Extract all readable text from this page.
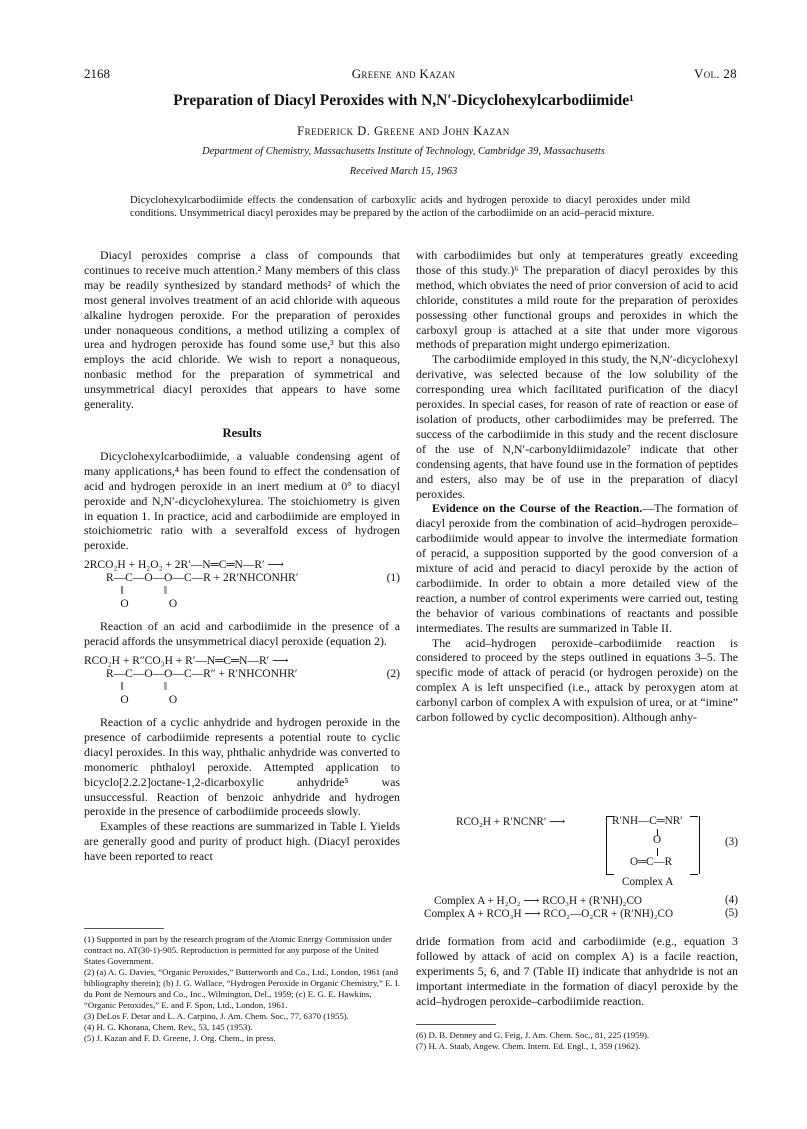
2168	Greene and Kazan	Vol. 28
Preparation of Diacyl Peroxides with N,N′-Dicyclohexylcarbodiimide¹
Frederick D. Greene and John Kazan
Department of Chemistry, Massachusetts Institute of Technology, Cambridge 39, Massachusetts
Received March 15, 1963
Dicyclohexylcarbodiimide effects the condensation of carboxylic acids and hydrogen peroxide to diacyl peroxides under mild conditions. Unsymmetrical diacyl peroxides may be prepared by the action of the carbodiimide on an acid–peracid mixture.

Diacyl peroxides comprise a class of compounds that continues to receive much attention.² Many members of this class may be readily synthesized by standard methods² of which the most general involves treatment of an acid chloride with aqueous alkaline hydrogen peroxide. For the preparation of peroxides under nonaqueous conditions, a method utilizing a complex of urea and hydrogen peroxide has found some use,³ but this also employs the acid chloride. We wish to report a nonaqueous, nonbasic method for the preparation of symmetrical and unsymmetrical diacyl peroxides that appears to have some generality.

Results

Dicyclohexylcarbodiimide, a valuable condensing agent of many applications,⁴ has been found to effect the condensation of acid and hydrogen peroxide in an inert medium at 0° to diacyl peroxide and N,N′-dicyclohexylurea. The stoichiometry is given in equation 1. In practice, acid and carbodiimide are employed in stoichiometric ratio with a severalfold excess of hydrogen peroxide.

2RCO₂H + H₂O₂ + 2R′—N═C═N—R′ ⟶
R—C—O—O—C—R + 2R′NHCONHR′
‖              ‖
O              O
(1)

Reaction of an acid and carbodiimide in the presence of a peracid affords the unsymmetrical diacyl peroxide (equation 2).

RCO₂H + R″CO₃H + R′—N═C═N—R′ ⟶
R—C—O—O—C—R″ + R′NHCONHR′
‖              ‖
O              O
(2)

Reaction of a cyclic anhydride and hydrogen peroxide in the presence of carbodiimide represents a potential route to cyclic diacyl peroxides. In this way, phthalic anhydride was converted to monomeric phthaloyl peroxide. Attempted application to bicyclo[2.2.2]octane-1,2-dicarboxylic anhydride⁵ was unsuccessful. Reaction of benzoic anhydride and hydrogen peroxide in the presence of carbodiimide proceeds slowly.

Examples of these reactions are summarized in Table I. Yields are generally good and purity of product high. (Diacyl peroxides have been reported to react

with carbodiimides but only at temperatures greatly exceeding those of this study.)⁶ The preparation of diacyl peroxides by this method, which obviates the need of prior conversion of acid to acid chloride, constitutes a mild route for the preparation of peroxides possessing other functional groups and peroxides in which the carboxyl group is attached at a site that under more vigorous methods of preparation might undergo epimerization.

The carbodiimide employed in this study, the N,N′-dicyclohexyl derivative, was selected because of the low solubility of the corresponding urea which facilitated purification of the diacyl peroxides. In special cases, for reason of rate of reaction or ease of isolation of products, other carbodiimides may be preferred. The success of the carbodiimide in this study and the recent disclosure of the use of N,N′-carbonyldiimidazole⁷ indicate that other condensing agents, that have found use in the formation of peptides and esters, also may be of use in the preparation of diacyl peroxides.

Evidence on the Course of the Reaction.—The formation of diacyl peroxide from the combination of acid–hydrogen peroxide–carbodiimide would appear to involve the intermediate formation of peracid, a supposition supported by the good conversion of a mixture of acid and peracid to diacyl peroxide by the action of carbodiimide. In order to obtain a more detailed view of the reaction, a number of control experiments were carried out, testing the behavior of various combinations of reactants and possible intermediates. The results are summarized in Table II.

The acid–hydrogen peroxide–carbodiimide reaction is considered to proceed by the steps outlined in equations 3–5. The specific mode of attack of peracid (or hydrogen peroxide) on the complex A is left unspecified (i.e., attack by peroxygen atom at carbonyl carbon of complex A with expulsion of urea, or at “imine” carbon followed by cyclic decomposition). Although anhy-

RCO₂H + R′NCNR′ ⟶	R′NH—C═NR′
O
O═C—R
Complex A
(3)
Complex A + H₂O₂ ⟶ RCO₃H + (R′NH)₂CO	(4)
Complex A + RCO₃H ⟶ RCO₂—O₂CR + (R′NH)₂CO	(5)

dride formation from acid and carbodiimide (e.g., equation 3 followed by attack of acid on complex A) is a facile reaction, experiments 5, 6, and 7 (Table II) indicate that anhydride is not an important intermediate in the formation of diacyl peroxide by the acid–hydrogen peroxide–carbodiimide reaction.

(1) Supported in part by the research program of the Atomic Energy Commission under contract no. AT(30-1)-905. Reproduction is permitted for any purpose of the United States Government.
(2) (a) A. G. Davies, “Organic Peroxides,” Butterworth and Co., Ltd., London, 1961 (and bibliography therein); (b) J. G. Wallace, “Hydrogen Peroxide in Organic Chemistry,” E. I. du Pont de Nemours and Co., Inc., Wilmington, Del., 1959; (c) E. G. E. Hawkins, “Organic Peroxides,” E. and F. Spon, Ltd., London, 1961.
(3) DeLos F. Detar and L. A. Carpino, J. Am. Chem. Soc., 77, 6370 (1955).
(4) H. G. Khorana, Chem. Rev., 53, 145 (1953).
(5) J. Kazan and F. D. Greene, J. Org. Chem., in press.	(6) D. B. Denney and G. Feig, J. Am. Chem. Soc., 81, 225 (1959).
(7) H. A. Staab, Angew. Chem. Intern. Ed. Engl., 1, 359 (1962).
